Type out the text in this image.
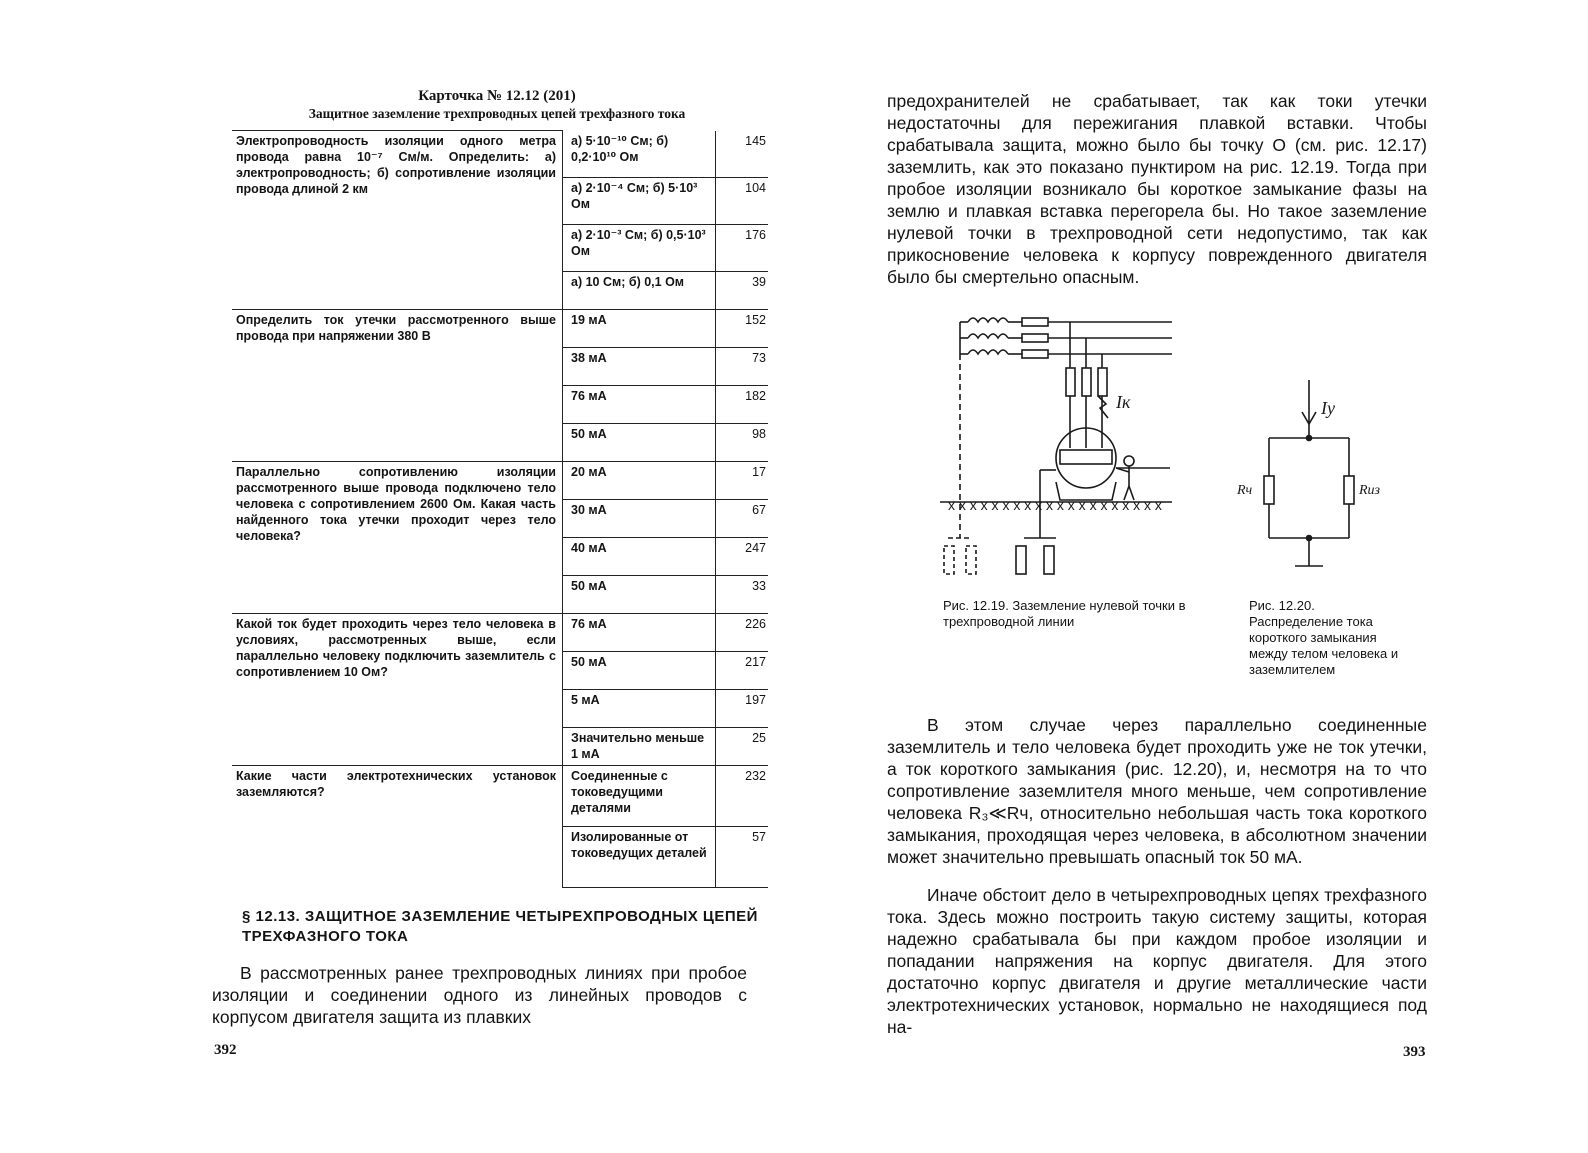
Карточка № 12.12 (201)
Защитное заземление трехпроводных цепей трехфазного тока
Электропроводность изоляции одного метра провода равна 10⁻⁷ См/м. Определить: а) электропроводность; б) сопротивление изоляции провода длиной 2 км	а) 5·10⁻¹⁰ См; б) 0,2·10¹⁰ Ом	145
	а) 2·10⁻⁴ См; б) 5·10³ Ом	104
	а) 2·10⁻³ См; б) 0,5·10³ Ом	176
	а) 10 См; б) 0,1 Ом	39
Определить ток утечки рассмотренного выше провода при напряжении 380 В	19 мА	152
	38 мА	73
	76 мА	182
	50 мА	98
Параллельно сопротивлению изоляции рассмотренного выше провода подключено тело человека с сопротивлением 2600 Ом. Какая часть найденного тока утечки проходит через тело человека?	20 мА	17
	30 мА	67
	40 мА	247
	50 мА	33
Какой ток будет проходить через тело человека в условиях, рассмотренных выше, если параллельно человеку подключить заземлитель с сопротивлением 10 Ом?	76 мА	226
	50 мА	217
	5 мА	197
	Значительно меньше 1 мА	25
Какие части электротехнических установок заземляются?	Соединенные с токоведущими деталями	232
	Изолированные от токоведущих деталей	57
§ 12.13. ЗАЩИТНОЕ ЗАЗЕМЛЕНИЕ ЧЕТЫРЕХПРОВОДНЫХ ЦЕПЕЙ ТРЕХФАЗНОГО ТОКА

В рассмотренных ранее трехпроводных линиях при пробое изоляции и соединении одного из линейных проводов с корпусом двигателя защита из плавких

392

предохранителей не срабатывает, так как токи утечки недостаточны для пережигания плавкой вставки. Чтобы срабатывала защита, можно было бы точку O (см. рис. 12.17) заземлить, как это показано пунктиром на рис. 12.19. Тогда при пробое изоляции возникало бы короткое замыкание фазы на землю и плавкая вставка перегорела бы. Но такое заземление нулевой точки в трехпроводной сети недопустимо, так как прикосновение человека к корпусу поврежденного двигателя было бы смертельно опасным.

x x x x x x x x x x x x x x x x x x x x
Iк	Iу
Rч	Rиз
Рис. 12.19. Заземление нулевой точки в трехпроводной линии
Рис. 12.20. Распределение тока короткого замыкания между телом человека и заземлителем

В этом случае через параллельно соединенные заземлитель и тело человека будет проходить уже не ток утечки, а ток короткого замыкания (рис. 12.20), и, несмотря на то что сопротивление заземлителя много меньше, чем сопротивление человека R₃≪Rч, относительно небольшая часть тока короткого замыкания, проходящая через человека, в абсолютном значении может значительно превышать опасный ток 50 мА.

Иначе обстоит дело в четырехпроводных цепях трехфазного тока. Здесь можно построить такую систему защиты, которая надежно срабатывала бы при каждом пробое изоляции и попадании напряжения на корпус двигателя. Для этого достаточно корпус двигателя и другие металлические части электротехнических установок, нормально не находящиеся под на-

393
